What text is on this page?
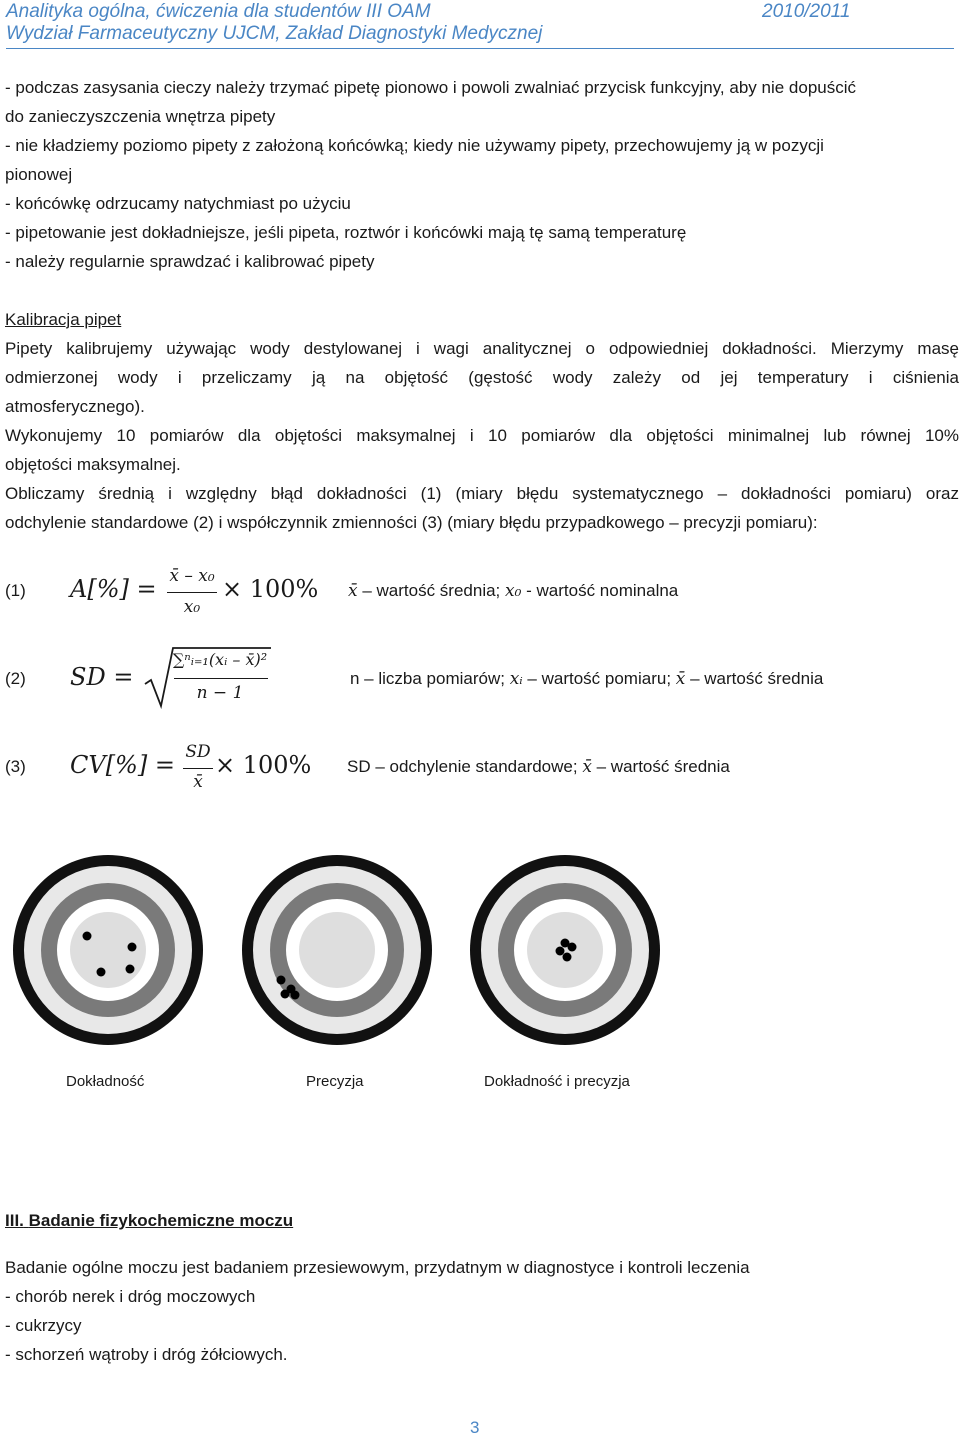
Analityka ogólna, ćwiczenia dla studentów III OAM
Wydział Farmaceutyczny UJCM, Zakład Diagnostyki Medycznej
2010/2011
- podczas zasysania cieczy należy trzymać pipetę pionowo i powoli zwalniać przycisk funkcyjny, aby nie dopuścić
do zanieczyszczenia wnętrza pipety
- nie kładziemy poziomo pipety z założoną końcówką; kiedy nie używamy pipety, przechowujemy ją w pozycji
pionowej
- końcówkę odrzucamy natychmiast po użyciu
- pipetowanie jest dokładniejsze, jeśli pipeta, roztwór i końcówki mają tę samą temperaturę
- należy regularnie sprawdzać i kalibrować pipety
Kalibracja pipet
Pipety kalibrujemy używając wody destylowanej i wagi analitycznej o odpowiedniej dokładności. Mierzymy masę
odmierzonej wody i przeliczamy ją na objętość (gęstość wody zależy od jej temperatury i ciśnienia
atmosferycznego).
Wykonujemy 10 pomiarów dla objętości maksymalnej i 10 pomiarów dla objętości minimalnej lub równej 10%
objętości maksymalnej.
Obliczamy średnią i względny błąd dokładności (1) (miary błędu systematycznego – dokładności pomiaru) oraz
odchylenie standardowe (2) i współczynnik zmienności (3) (miary błędu przypadkowego – precyzji pomiaru):
(1) A[%] = x̄ – x₀
x₀
× 100% x̄ – wartość średnia; x₀ - wartość nominalna
(2) SD =
∑ⁿᵢ₌₁(xᵢ – x̄)²
n − 1
n – liczba pomiarów; xᵢ – wartość pomiaru; x̄ – wartość średnia
(3) CV[%] = SD
x̄
× 100% SD – odchylenie standardowe; x̄ – wartość średnia
Dokładność	Precyzja	Dokładność i precyzja
III. Badanie fizykochemiczne moczu
Badanie ogólne moczu jest badaniem przesiewowym, przydatnym w diagnostyce i kontroli leczenia
- chorób nerek i dróg moczowych
- cukrzycy
- schorzeń wątroby i dróg żółciowych.
3
